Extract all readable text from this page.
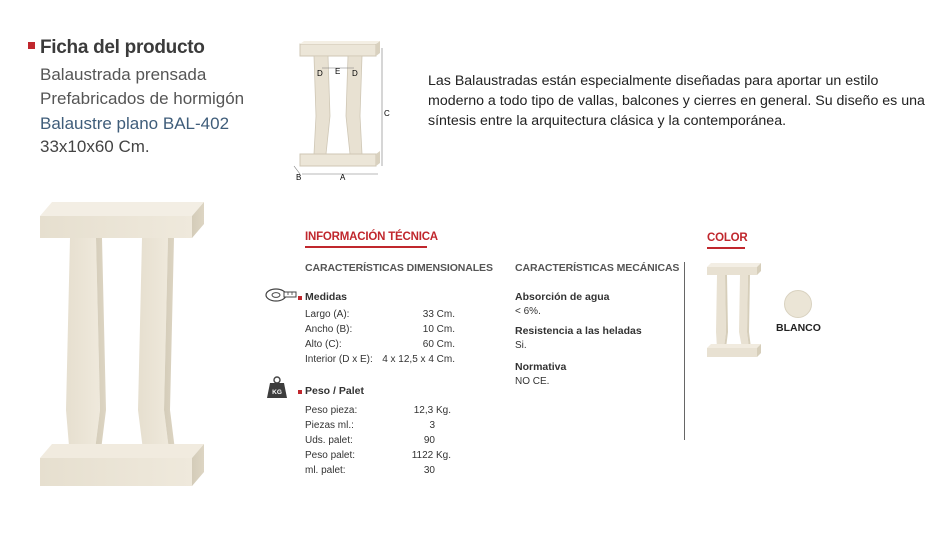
Ficha del producto
Balaustrada prensada
Prefabricados de hormigón
Balaustre plano BAL-402
33x10x60 Cm.
C
A
B
D E D	Las Balaustradas están especialmente diseñadas para aportar un estilo moderno a todo tipo de vallas, balcones y cierres en general. Su diseño es una síntesis entre la arquitectura clásica y la contemporánea.
INFORMACIÓN TÉCNICA
CARACTERÍSTICAS DIMENSIONALES CARACTERÍSTICAS MECÁNICAS
Medidas
Largo (A):	33 Cm.
Ancho (B):	10 Cm.
Alto (C):	60 Cm.
Interior (D x E): 4 x 12,5 x 4 Cm.
KG Peso / Palet
Peso pieza:	12,3 Kg.
Piezas ml.:	3
Uds. palet:	90
Peso palet:	1122 Kg.
ml. palet:	30
Absorción de agua
< 6%.
Resistencia a las heladas
Si.
Normativa
NO CE.
COLOR
BLANCO
